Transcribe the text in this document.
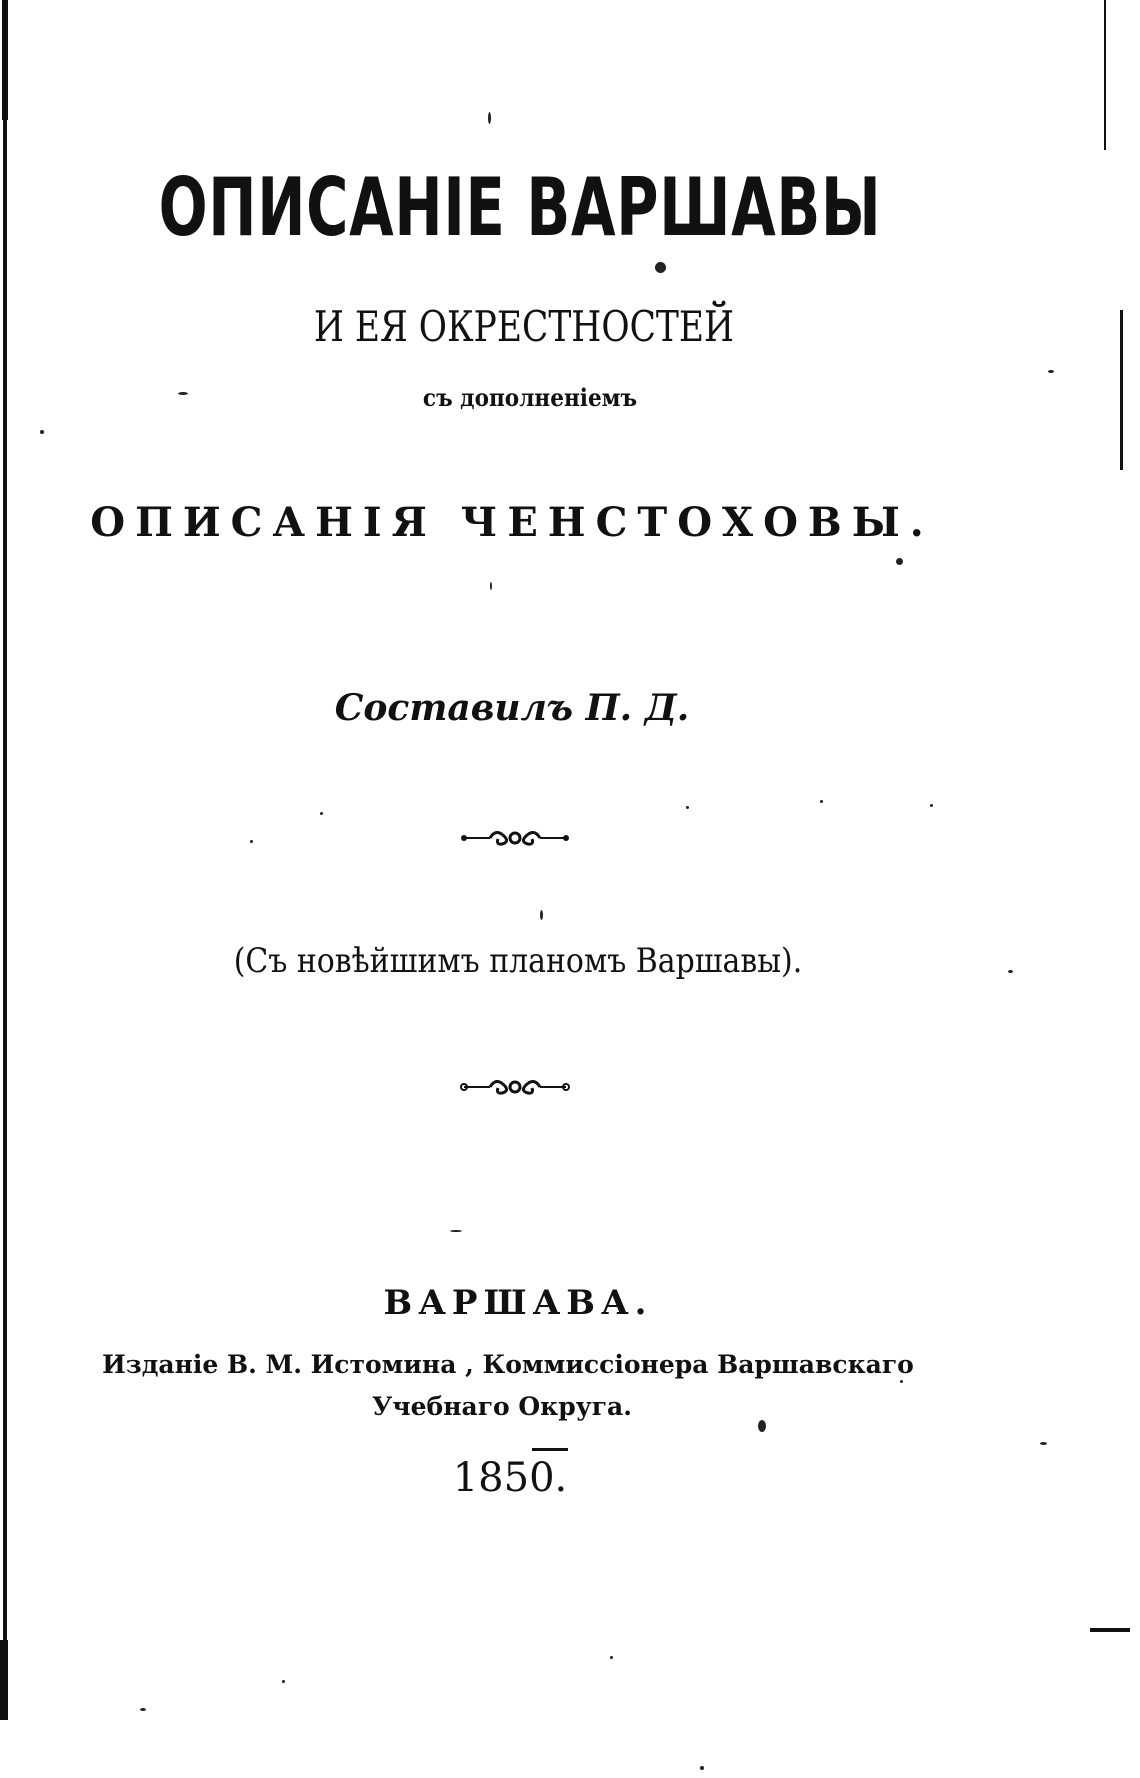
ОПИСАНІЕ ВАРШАВЫ
И ЕЯ ОКРЕСТНОСТЕЙ
съ дополненіемъ
ОПИСАНІЯ ЧЕНСТОХОВЫ.
Составилъ П. Д.
(Съ новѣйшимъ планомъ Варшавы).
ВАРШАВА.
Изданіе В. М. Истомина , Коммиссіонера Варшавскаго
Учебнаго Округа.
1850.
